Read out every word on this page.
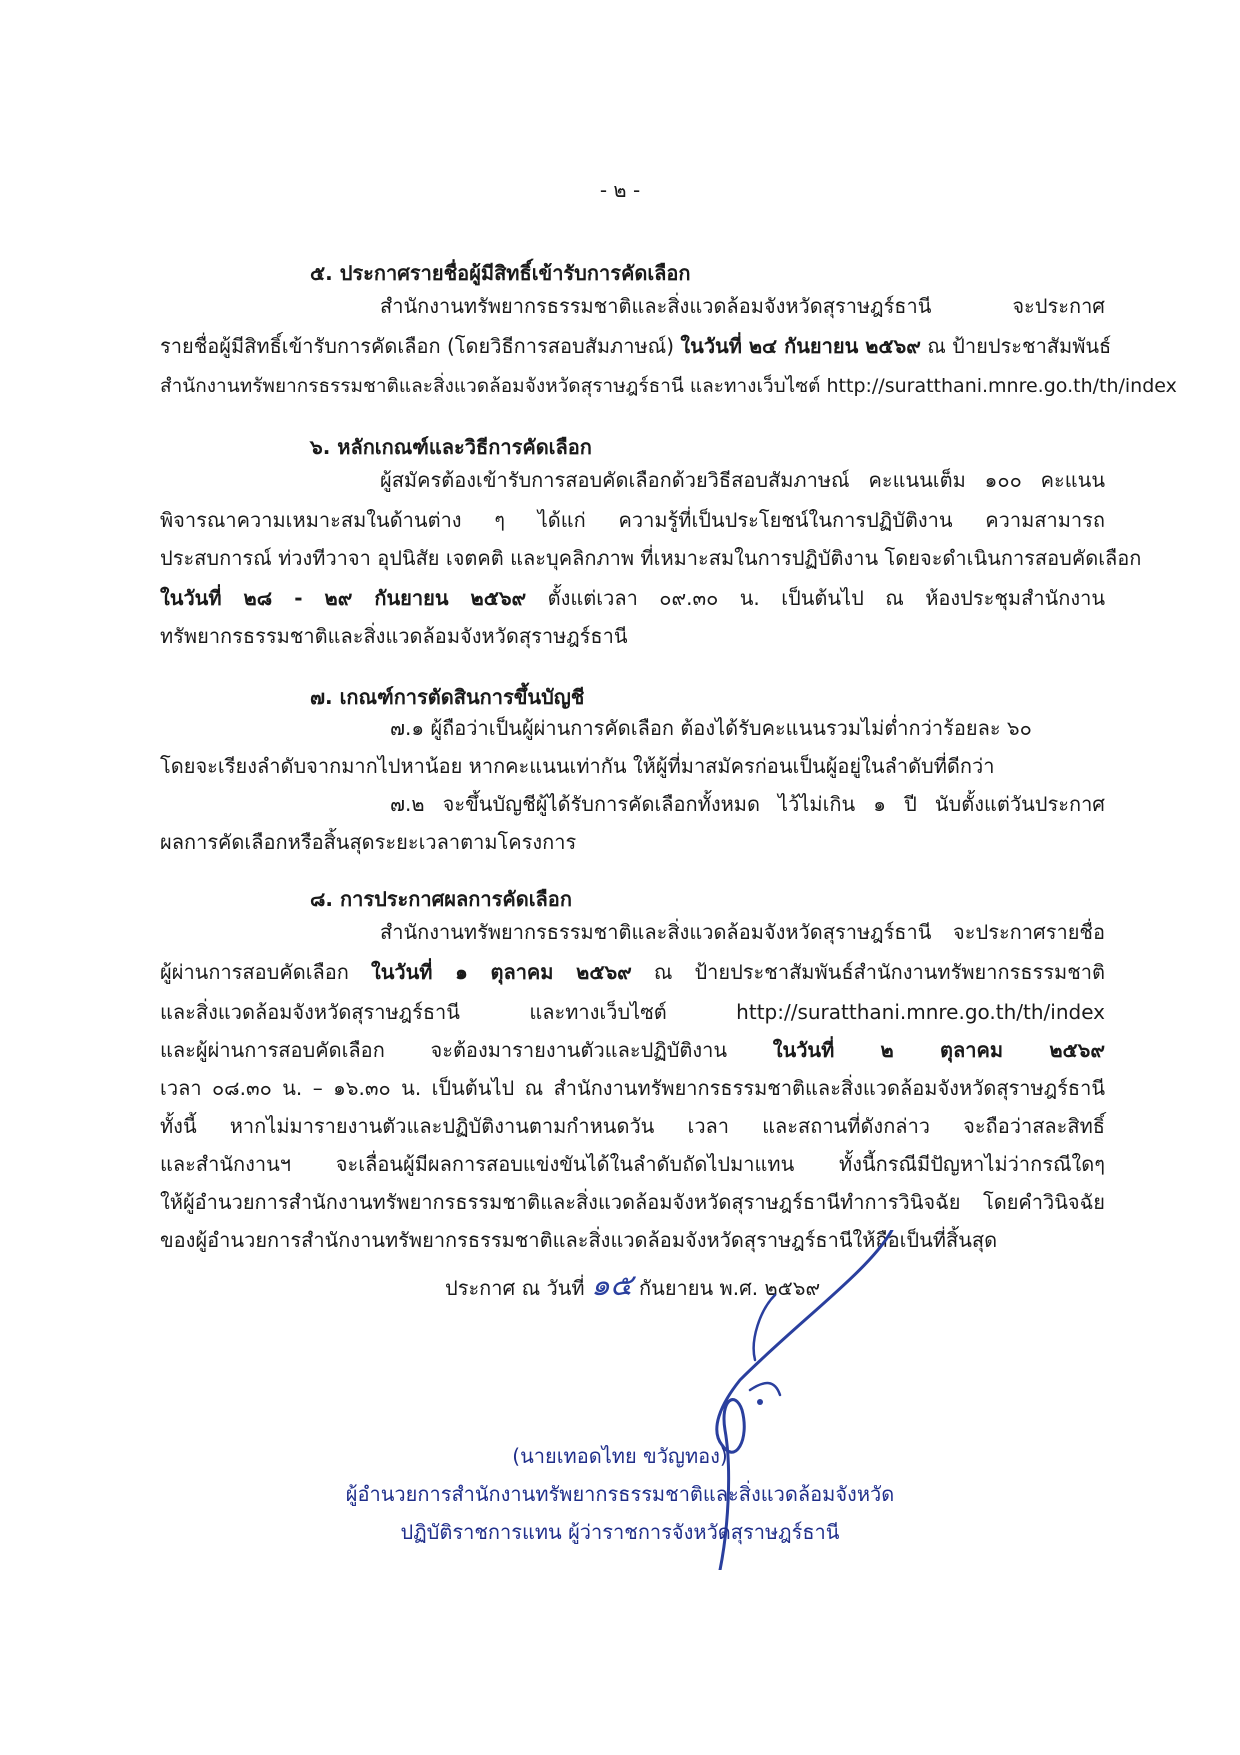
- ๒ -
๕. ประกาศรายชื่อผู้มีสิทธิ์เข้ารับการคัดเลือก
สำนักงานทรัพยากรธรรมชาติและสิ่งแวดล้อมจังหวัดสุราษฎร์ธานี จะประกาศ
รายชื่อผู้มีสิทธิ์เข้ารับการคัดเลือก (โดยวิธีการสอบสัมภาษณ์) ในวันที่ ๒๔ กันยายน ๒๕๖๙ ณ ป้ายประชาสัมพันธ์
สำนักงานทรัพยากรธรรมชาติและสิ่งแวดล้อมจังหวัดสุราษฎร์ธานี และทางเว็บไซต์ http://suratthani.mnre.go.th/th/index
๖. หลักเกณฑ์และวิธีการคัดเลือก
ผู้สมัครต้องเข้ารับการสอบคัดเลือกด้วยวิธีสอบสัมภาษณ์ คะแนนเต็ม ๑๐๐ คะแนน
พิจารณาความเหมาะสมในด้านต่าง ๆ ได้แก่ ความรู้ที่เป็นประโยชน์ในการปฏิบัติงาน ความสามารถ
ประสบการณ์ ท่วงทีวาจา อุปนิสัย เจตคติ และบุคลิกภาพ ที่เหมาะสมในการปฏิบัติงาน โดยจะดำเนินการสอบคัดเลือก
ในวันที่ ๒๘ - ๒๙ กันยายน ๒๕๖๙ ตั้งแต่เวลา ๐๙.๓๐ น. เป็นต้นไป ณ ห้องประชุมสำนักงาน
ทรัพยากรธรรมชาติและสิ่งแวดล้อมจังหวัดสุราษฎร์ธานี
๗. เกณฑ์การตัดสินการขึ้นบัญชี
๗.๑ ผู้ถือว่าเป็นผู้ผ่านการคัดเลือก ต้องได้รับคะแนนรวมไม่ต่ำกว่าร้อยละ ๖๐
โดยจะเรียงลำดับจากมากไปหาน้อย หากคะแนนเท่ากัน ให้ผู้ที่มาสมัครก่อนเป็นผู้อยู่ในลำดับที่ดีกว่า
๗.๒ จะขึ้นบัญชีผู้ได้รับการคัดเลือกทั้งหมด ไว้ไม่เกิน ๑ ปี นับตั้งแต่วันประกาศ
ผลการคัดเลือกหรือสิ้นสุดระยะเวลาตามโครงการ
๘. การประกาศผลการคัดเลือก
สำนักงานทรัพยากรธรรมชาติและสิ่งแวดล้อมจังหวัดสุราษฎร์ธานี จะประกาศรายชื่อ
ผู้ผ่านการสอบคัดเลือก ในวันที่ ๑ ตุลาคม ๒๕๖๙ ณ ป้ายประชาสัมพันธ์สำนักงานทรัพยากรธรรมชาติ
และสิ่งแวดล้อมจังหวัดสุราษฎร์ธานี และทางเว็บไซต์ http://suratthani.mnre.go.th/th/index
และผู้ผ่านการสอบคัดเลือก จะต้องมารายงานตัวและปฏิบัติงาน ในวันที่ ๒ ตุลาคม ๒๕๖๙
เวลา ๐๘.๓๐ น. – ๑๖.๓๐ น. เป็นต้นไป ณ สำนักงานทรัพยากรธรรมชาติและสิ่งแวดล้อมจังหวัดสุราษฎร์ธานี
ทั้งนี้ หากไม่มารายงานตัวและปฏิบัติงานตามกำหนดวัน เวลา และสถานที่ดังกล่าว จะถือว่าสละสิทธิ์
และสำนักงานฯ จะเลื่อนผู้มีผลการสอบแข่งขันได้ในลำดับถัดไปมาแทน ทั้งนี้กรณีมีปัญหาไม่ว่ากรณีใดๆ
ให้ผู้อำนวยการสำนักงานทรัพยากรธรรมชาติและสิ่งแวดล้อมจังหวัดสุราษฎร์ธานีทำการวินิจฉัย โดยคำวินิจฉัย
ของผู้อำนวยการสำนักงานทรัพยากรธรรมชาติและสิ่งแวดล้อมจังหวัดสุราษฎร์ธานีให้ถือเป็นที่สิ้นสุด
ประกาศ ณ วันที่ ๑๕ กันยายน พ.ศ. ๒๕๖๙
(นายเทอดไทย ขวัญทอง)
ผู้อำนวยการสำนักงานทรัพยากรธรรมชาติและสิ่งแวดล้อมจังหวัด
ปฏิบัติราชการแทน ผู้ว่าราชการจังหวัดสุราษฎร์ธานี
